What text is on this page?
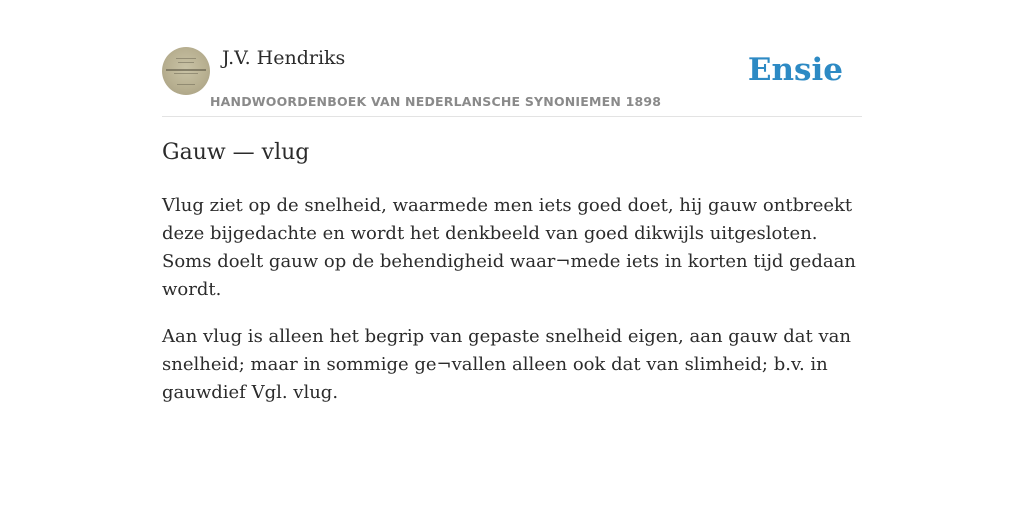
J.V. Hendriks
HANDWOORDENBOEK VAN NEDERLANSCHE SYNONIEMEN 1898
Ensie
Gauw — vlug

Vlug ziet op de snelheid, waarmede men iets goed doet, hij gauw ontbreekt deze bijgedachte en wordt het denkbeeld van goed dikwijls uitgesloten. Soms doelt gauw op de behendigheid waar¬mede iets in korten tijd gedaan wordt.

Aan vlug is alleen het begrip van gepaste snelheid eigen, aan gauw dat van snelheid; maar in sommige ge¬vallen alleen ook dat van slimheid; b.v. in gauwdief Vgl. vlug.
